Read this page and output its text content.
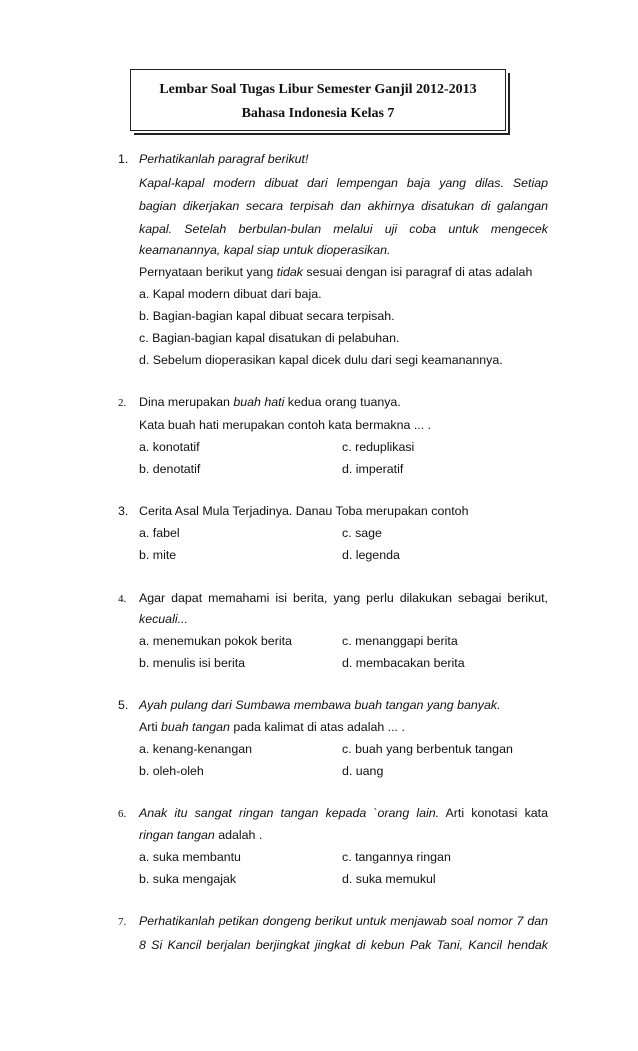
Lembar Soal Tugas Libur Semester Ganjil 2012-2013
Bahasa Indonesia Kelas 7
1. Perhatikanlah paragraf berikut!
Kapal-kapal modern dibuat dari lempengan baja yang dilas. Setiap
bagian dikerjakan secara terpisah dan akhirnya disatukan di galangan
kapal. Setelah berbulan-bulan melalui uji coba untuk mengecek
keamanannya, kapal siap untuk dioperasikan.
Pernyataan berikut yang tidak sesuai dengan isi paragraf di atas adalah
a. Kapal modern dibuat dari baja.
b. Bagian-bagian kapal dibuat secara terpisah.
c. Bagian-bagian kapal disatukan di pelabuhan.
d. Sebelum dioperasikan kapal dicek dulu dari segi keamanannya.
2. Dina merupakan buah hati kedua orang tuanya.
Kata buah hati merupakan contoh kata bermakna ... .
a. konotatif	c. reduplikasi
b. denotatif	d. imperatif
3. Cerita Asal Mula Terjadinya. Danau Toba merupakan contoh
a. fabel	c. sage
b. mite	d. legenda
4. Agar dapat memahami isi berita, yang perlu dilakukan sebagai berikut,
kecuali...
a. menemukan pokok berita	c. menanggapi berita
b. menulis isi berita	d. membacakan berita
5. Ayah pulang dari Sumbawa membawa buah tangan yang banyak.
Arti buah tangan pada kalimat di atas adalah ... .
a. kenang-kenangan	c. buah yang berbentuk tangan
b. oleh-oleh	d. uang
6. Anak itu sangat ringan tangan kepada `orang lain. Arti konotasi kata
ringan tangan adalah .
a. suka membantu	c. tangannya ringan
b. suka mengajak	d. suka memukul
7. Perhatikanlah petikan dongeng berikut untuk menjawab soal nomor 7 dan
8 Si Kancil berjalan berjingkat jingkat di kebun Pak Tani, Kancil hendak
